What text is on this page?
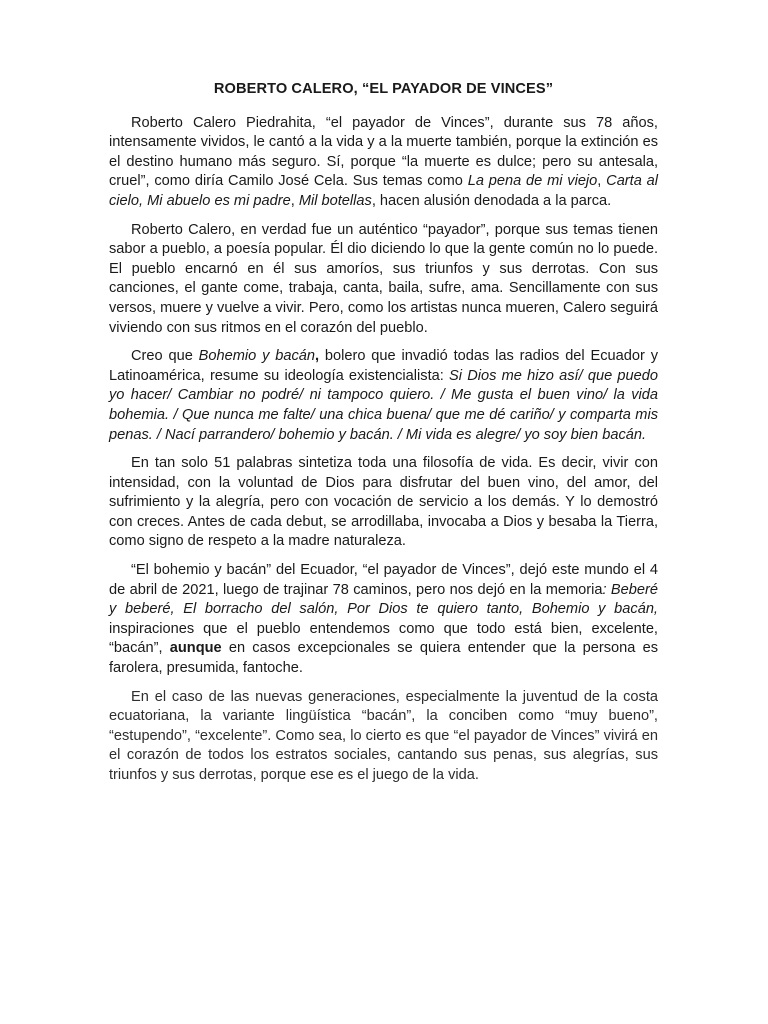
ROBERTO CALERO, “EL PAYADOR DE VINCES”

Roberto Calero Piedrahita, “el payador de Vinces”, durante sus 78 años, intensamente vividos, le cantó a la vida y a la muerte también, porque la extinción es el destino humano más seguro. Sí, porque “la muerte es dulce; pero su antesala, cruel”, como diría Camilo José Cela. Sus temas como La pena de mi viejo, Carta al cielo, Mi abuelo es mi padre, Mil botellas, hacen alusión denodada a la parca.

Roberto Calero, en verdad fue un auténtico “payador”, porque sus temas tienen sabor a pueblo, a poesía popular. Él dio diciendo lo que la gente común no lo puede. El pueblo encarnó en él sus amoríos, sus triunfos y sus derrotas. Con sus canciones, el gante come, trabaja, canta, baila, sufre, ama. Sencillamente con sus versos, muere y vuelve a vivir. Pero, como los artistas nunca mueren, Calero seguirá viviendo con sus ritmos en el corazón del pueblo.

Creo que Bohemio y bacán, bolero que invadió todas las radios del Ecuador y Latinoamérica, resume su ideología existencialista: Si Dios me hizo así/ que puedo yo hacer/ Cambiar no podré/ ni tampoco quiero. / Me gusta el buen vino/ la vida bohemia. / Que nunca me falte/ una chica buena/ que me dé cariño/ y comparta mis penas. / Nací parrandero/ bohemio y bacán. / Mi vida es alegre/ yo soy bien bacán.

En tan solo 51 palabras sintetiza toda una filosofía de vida. Es decir, vivir con intensidad, con la voluntad de Dios para disfrutar del buen vino, del amor, del sufrimiento y la alegría, pero con vocación de servicio a los demás. Y lo demostró con creces. Antes de cada debut, se arrodillaba, invocaba a Dios y besaba la Tierra, como signo de respeto a la madre naturaleza.

“El bohemio y bacán” del Ecuador, “el payador de Vinces”, dejó este mundo el 4 de abril de 2021, luego de trajinar 78 caminos, pero nos dejó en la memoria: Beberé y beberé, El borracho del salón, Por Dios te quiero tanto, Bohemio y bacán, inspiraciones que el pueblo entendemos como que todo está bien, excelente, “bacán”, aunque en casos excepcionales se quiera entender que la persona es farolera, presumida, fantoche.

En el caso de las nuevas generaciones, especialmente la juventud de la costa ecuatoriana, la variante lingüística “bacán”, la conciben como “muy bueno”, “estupendo”, “excelente”. Como sea, lo cierto es que “el payador de Vinces” vivirá en el corazón de todos los estratos sociales, cantando sus penas, sus alegrías, sus triunfos y sus derrotas, porque ese es el juego de la vida.
